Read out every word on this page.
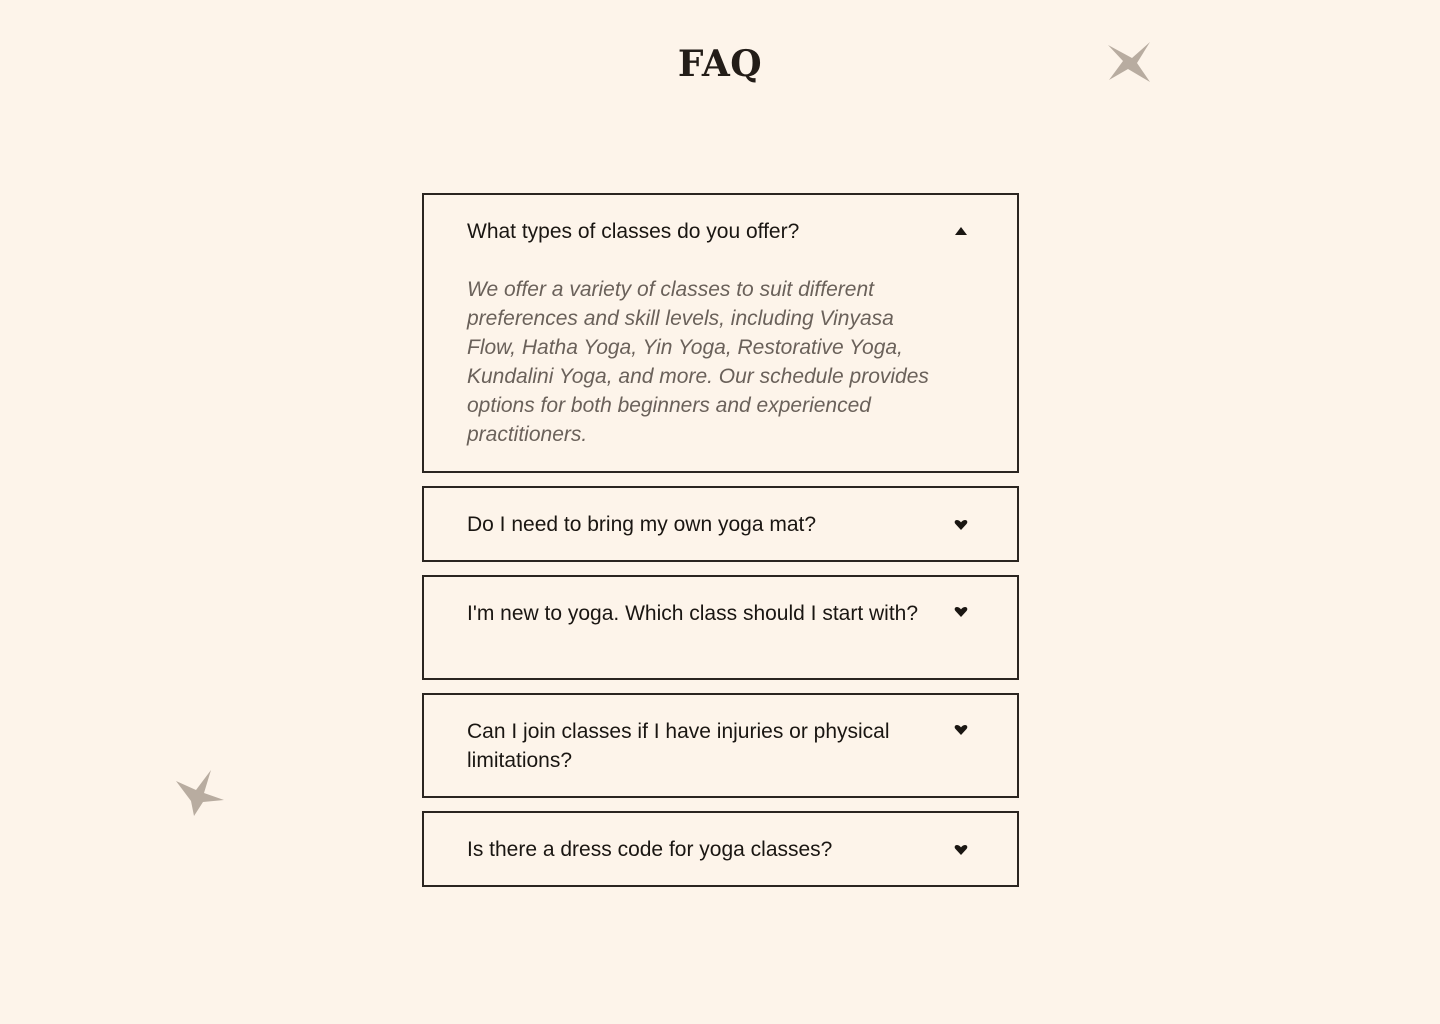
FAQ
What types of classes do you offer?
We offer a variety of classes to suit different preferences and skill levels, including Vinyasa Flow, Hatha Yoga, Yin Yoga, Restorative Yoga, Kundalini Yoga, and more. Our schedule provides options for both beginners and experienced practitioners.
Do I need to bring my own yoga mat?
I'm new to yoga. Which class should I start with?
Can I join classes if I have injuries or physical limitations?
Is there a dress code for yoga classes?
